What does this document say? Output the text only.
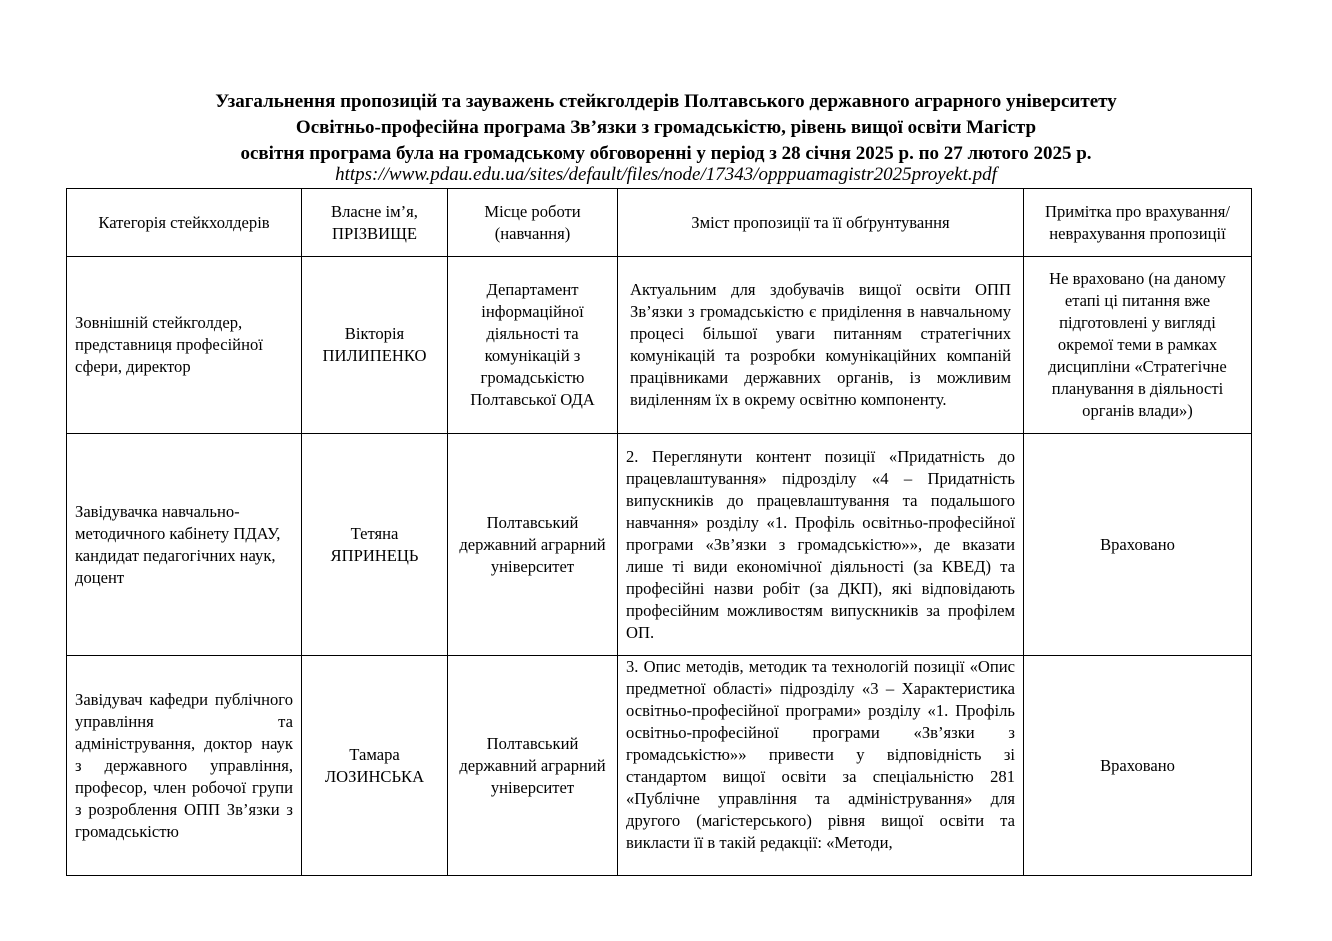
Узагальнення пропозицій та зауважень стейкголдерів Полтавського державного аграрного університету
Освітньо-професійна програма Зв’язки з громадськістю, рівень вищої освіти Магістр
освітня програма була на громадському обговоренні у період з 28 січня 2025 р. по 27 лютого 2025 р.
https://www.pdau.edu.ua/sites/default/files/node/17343/opppuamagistr2025proyekt.pdf
Категорія стейкхолдерів	Власне ім’я, ПРІЗВИЩЕ	Місце роботи (навчання)	Зміст пропозиції та її обґрунтування	Примітка про врахування/неврахування пропозиції
Зовнішній стейкголдер, представниця професійної сфери, директор	Вікторія ПИЛИПЕНКО	Департамент інформаційної діяльності та комунікацій з громадськістю Полтавської ОДА	Актуальним для здобувачів вищої освіти ОПП Зв’язки з громадськістю є приділення в навчальному процесі більшої уваги питанням стратегічних комунікацій та розробки комунікаційних компаній працівниками державних органів, із можливим виділенням їх в окрему освітню компоненту.	Не враховано (на даному етапі ці питання вже підготовлені у вигляді окремої теми в рамках дисципліни «Стратегічне планування в діяльності органів влади»)
Завідувачка навчально-методичного кабінету ПДАУ, кандидат педагогічних наук, доцент	Тетяна ЯПРИНЕЦЬ	Полтавський державний аграрний університет	2. Переглянути контент позиції «Придатність до працевлаштування» підрозділу «4 – Придатність випускників до працевлаштування та подальшого навчання» розділу «1. Профіль освітньо-професійної програми «Зв’язки з громадськістю»», де вказати лише ті види економічної діяльності (за КВЕД) та професійні назви робіт (за ДКП), які відповідають професійним можливостям випускників за профілем ОП.	Враховано
Завідувач кафедри публічного управління та адміністрування, доктор наук з державного управління, професор, член робочої групи з розроблення ОПП Зв’язки з громадськістю	Тамара ЛОЗИНСЬКА	Полтавський державний аграрний університет	3. Опис методів, методик та технологій позиції «Опис предметної області» підрозділу «3 – Характеристика освітньо-професійної програми» розділу «1. Профіль освітньо-професійної програми «Зв’язки з громадськістю»» привести у відповідність зі стандартом вищої освіти за спеціальністю 281 «Публічне управління та адміністрування» для другого (магістерського) рівня вищої освіти та викласти її в такій редакції: «Методи,	Враховано
